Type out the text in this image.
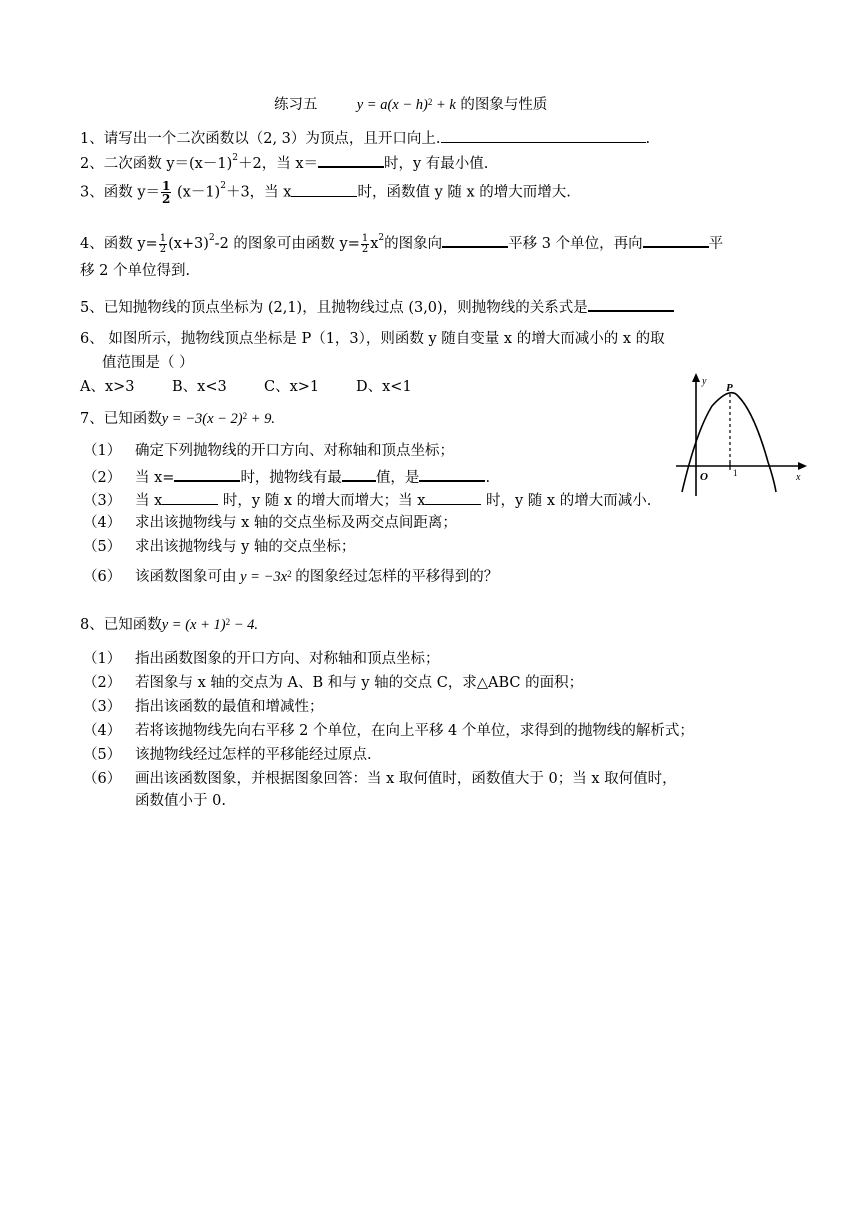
练习五	$y = a(x - h)^2 + k$ 的图象与性质
1、请写出一个二次函数以（2, 3）为顶点，且开口向上.	.
2、二次函数 $y=(x-1)^2+2$，当 x＝	时，y 有最小值.
3、函数 $y= \frac{1}{2} (x-1)^2+3$，当 x	时，函数值 y 随 x 的增大而增大.
4、函数 $y= \frac{1}{2} (x+3)^2-2$ 的图象可由函数 $y= \frac{1}{2} x^2$的图象向	平移 3 个单位，再向	平
移 2 个单位得到.
5、已知抛物线的顶点坐标为 (2,1)，且抛物线过点 (3,0)，则抛物线的关系式是
6、 如图所示，抛物线顶点坐标是 P（1，3），则函数 y 随自变量 x 的增大而减小的 x 的取
值范围是（ ）
A、x>3	B、x<3	C、x>1	D、x<1	y
x
O
P
1
7、已知函数$y = -3(x - 2)^2 + 9$.
（1） 确定下列抛物线的开口方向、对称轴和顶点坐标；
（2） 当 x=	时，抛物线有最 值，是	.
（3） 当 x	时，y 随 x 的增大而增大；当 x	时，y 随 x 的增大而减小.
（4） 求出该抛物线与 x 轴的交点坐标及两交点间距离；
（5） 求出该抛物线与 y 轴的交点坐标；
（6） 该函数图象可由 $y = -3x^2$ 的图象经过怎样的平移得到的？
8、已知函数$y = (x + 1)^2 - 4$.
（1） 指出函数图象的开口方向、对称轴和顶点坐标；
（2） 若图象与 x 轴的交点为 A、B 和与 y 轴的交点 C，求△ABC 的面积；
（3） 指出该函数的最值和增减性；
（4） 若将该抛物线先向右平移 2 个单位，在向上平移 4 个单位，求得到的抛物线的解析式；
（5） 该抛物线经过怎样的平移能经过原点.
（6） 画出该函数图象，并根据图象回答：当 x 取何值时，函数值大于 0；当 x 取何值时，
函数值小于 0.
